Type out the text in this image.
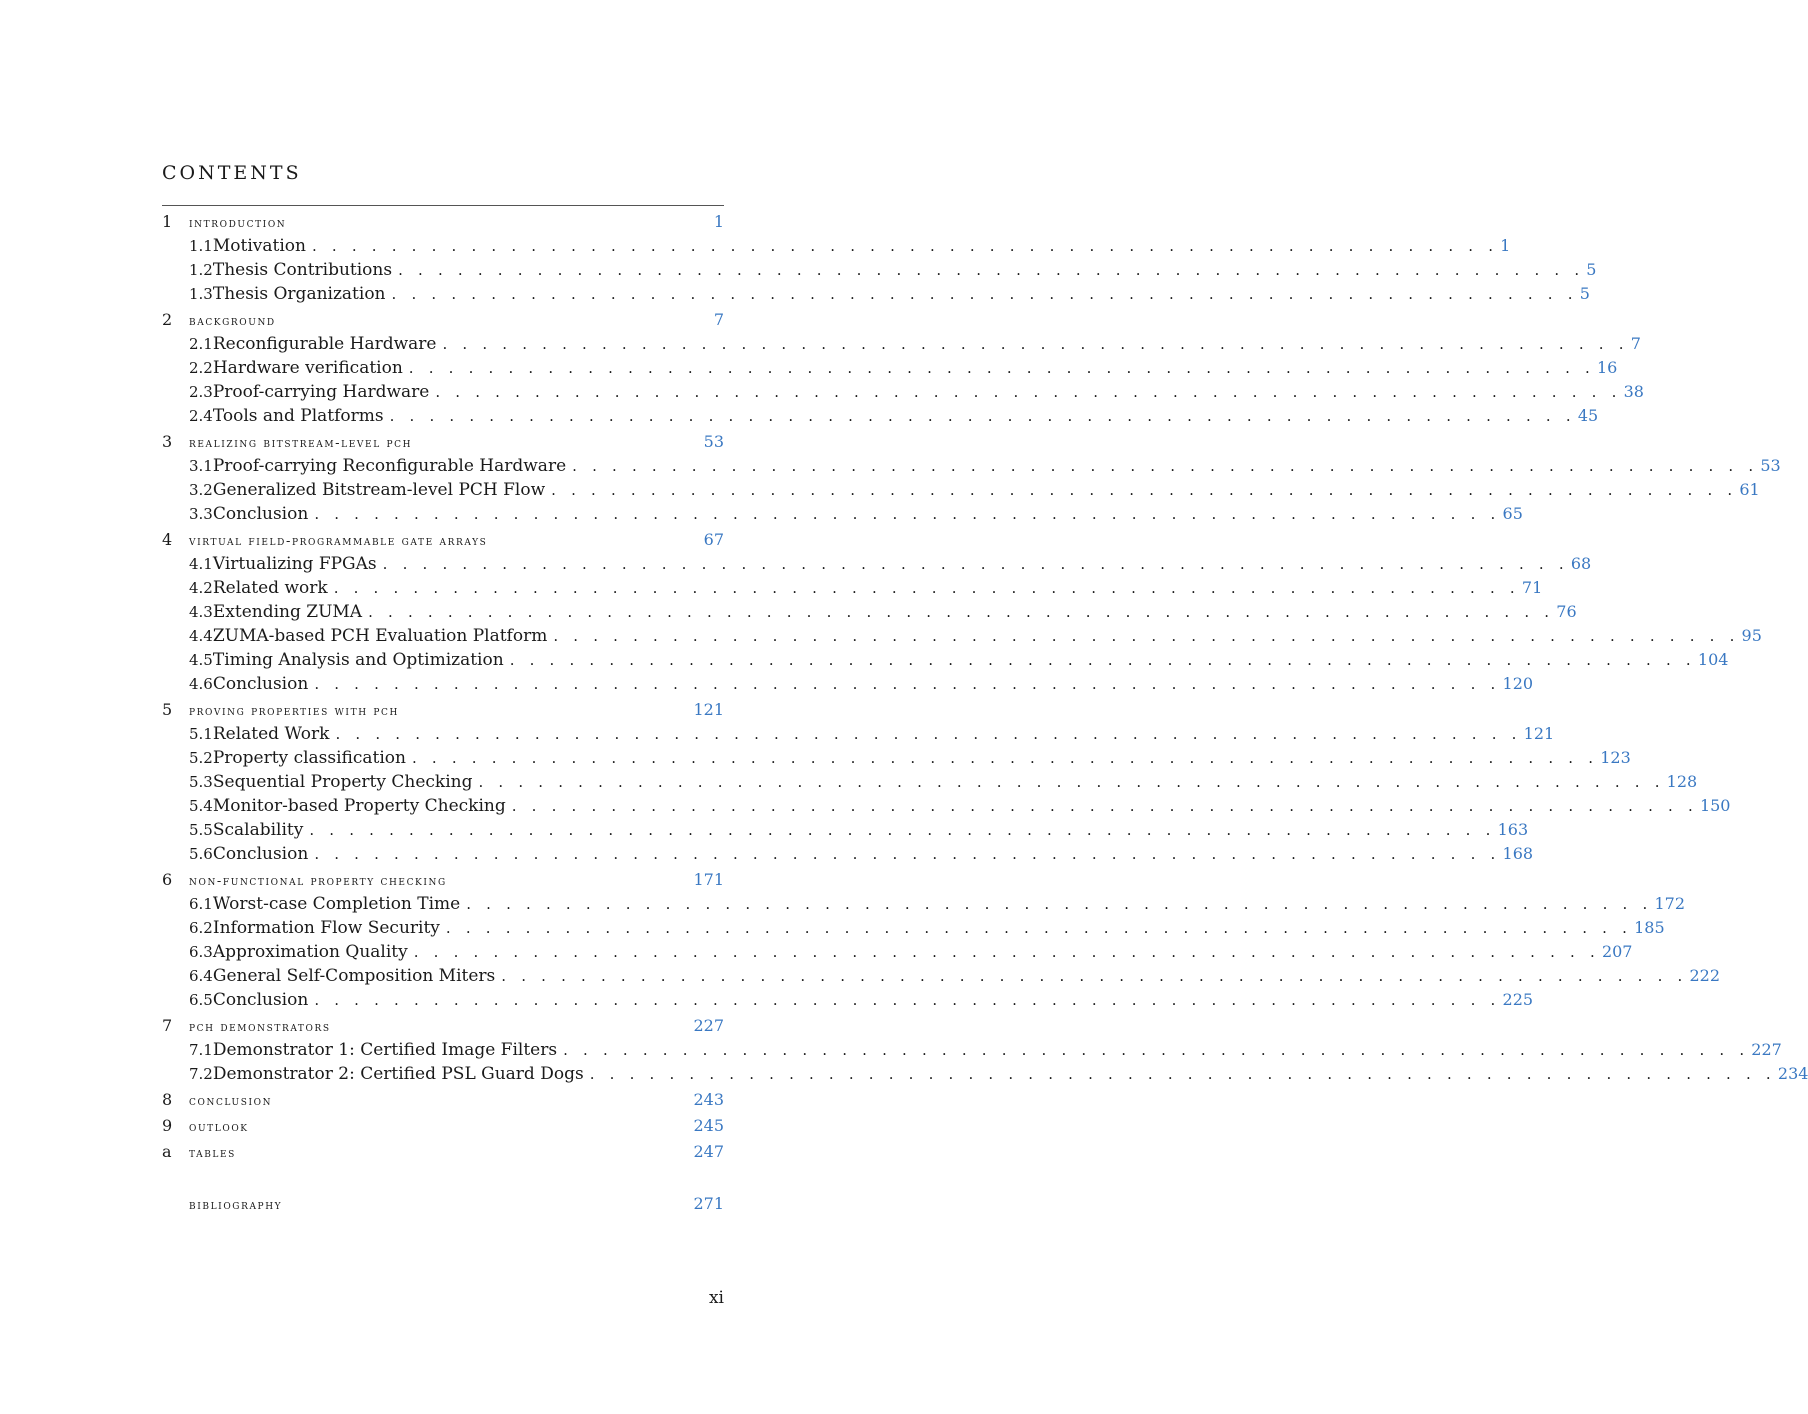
CONTENTS
1	introduction	1
1.1 Motivation . . . . . . . . . . . . . . . . . . . . . . . . . . . . . . . . . . . . . . . . . . . . . . . . . . . . . . . . . . . . 1
1.2 Thesis Contributions . . . . . . . . . . . . . . . . . . . . . . . . . . . . . . . . . . . . . . . . . . . . . . . . . . . . . . . . . . . . 5
1.3 Thesis Organization . . . . . . . . . . . . . . . . . . . . . . . . . . . . . . . . . . . . . . . . . . . . . . . . . . . . . . . . . . . . 5
2	background	7
2.1 Reconfigurable Hardware . . . . . . . . . . . . . . . . . . . . . . . . . . . . . . . . . . . . . . . . . . . . . . . . . . . . . . . . . . . . 7
2.2 Hardware verification . . . . . . . . . . . . . . . . . . . . . . . . . . . . . . . . . . . . . . . . . . . . . . . . . . . . . . . . . . . . 16
2.3 Proof-carrying Hardware . . . . . . . . . . . . . . . . . . . . . . . . . . . . . . . . . . . . . . . . . . . . . . . . . . . . . . . . . . . . 38
2.4 Tools and Platforms . . . . . . . . . . . . . . . . . . . . . . . . . . . . . . . . . . . . . . . . . . . . . . . . . . . . . . . . . . . . 45
3	realizing bitstream-level pch	53
3.1 Proof-carrying Reconfigurable Hardware . . . . . . . . . . . . . . . . . . . . . . . . . . . . . . . . . . . . . . . . . . . . . . . . . . . . . . . . . . . . 53
3.2 Generalized Bitstream-level PCH Flow . . . . . . . . . . . . . . . . . . . . . . . . . . . . . . . . . . . . . . . . . . . . . . . . . . . . . . . . . . . . 61
3.3 Conclusion . . . . . . . . . . . . . . . . . . . . . . . . . . . . . . . . . . . . . . . . . . . . . . . . . . . . . . . . . . . . 65
4	virtual field-programmable gate arrays	67
4.1 Virtualizing FPGAs . . . . . . . . . . . . . . . . . . . . . . . . . . . . . . . . . . . . . . . . . . . . . . . . . . . . . . . . . . . . 68
4.2 Related work . . . . . . . . . . . . . . . . . . . . . . . . . . . . . . . . . . . . . . . . . . . . . . . . . . . . . . . . . . . . 71
4.3 Extending ZUMA . . . . . . . . . . . . . . . . . . . . . . . . . . . . . . . . . . . . . . . . . . . . . . . . . . . . . . . . . . . . 76
4.4 ZUMA-based PCH Evaluation Platform . . . . . . . . . . . . . . . . . . . . . . . . . . . . . . . . . . . . . . . . . . . . . . . . . . . . . . . . . . . . 95
4.5 Timing Analysis and Optimization . . . . . . . . . . . . . . . . . . . . . . . . . . . . . . . . . . . . . . . . . . . . . . . . . . . . . . . . . . . . 104
4.6 Conclusion . . . . . . . . . . . . . . . . . . . . . . . . . . . . . . . . . . . . . . . . . . . . . . . . . . . . . . . . . . . . 120
5	proving properties with pch	121
5.1 Related Work . . . . . . . . . . . . . . . . . . . . . . . . . . . . . . . . . . . . . . . . . . . . . . . . . . . . . . . . . . . . 121
5.2 Property classification . . . . . . . . . . . . . . . . . . . . . . . . . . . . . . . . . . . . . . . . . . . . . . . . . . . . . . . . . . . . 123
5.3 Sequential Property Checking . . . . . . . . . . . . . . . . . . . . . . . . . . . . . . . . . . . . . . . . . . . . . . . . . . . . . . . . . . . . 128
5.4 Monitor-based Property Checking . . . . . . . . . . . . . . . . . . . . . . . . . . . . . . . . . . . . . . . . . . . . . . . . . . . . . . . . . . . . 150
5.5 Scalability . . . . . . . . . . . . . . . . . . . . . . . . . . . . . . . . . . . . . . . . . . . . . . . . . . . . . . . . . . . . 163
5.6 Conclusion . . . . . . . . . . . . . . . . . . . . . . . . . . . . . . . . . . . . . . . . . . . . . . . . . . . . . . . . . . . . 168
6	non-functional property checking	171
6.1 Worst-case Completion Time . . . . . . . . . . . . . . . . . . . . . . . . . . . . . . . . . . . . . . . . . . . . . . . . . . . . . . . . . . . . 172
6.2 Information Flow Security . . . . . . . . . . . . . . . . . . . . . . . . . . . . . . . . . . . . . . . . . . . . . . . . . . . . . . . . . . . . 185
6.3 Approximation Quality . . . . . . . . . . . . . . . . . . . . . . . . . . . . . . . . . . . . . . . . . . . . . . . . . . . . . . . . . . . . 207
6.4 General Self-Composition Miters . . . . . . . . . . . . . . . . . . . . . . . . . . . . . . . . . . . . . . . . . . . . . . . . . . . . . . . . . . . . 222
6.5 Conclusion . . . . . . . . . . . . . . . . . . . . . . . . . . . . . . . . . . . . . . . . . . . . . . . . . . . . . . . . . . . . 225
7	pch demonstrators	227
7.1 Demonstrator 1: Certified Image Filters . . . . . . . . . . . . . . . . . . . . . . . . . . . . . . . . . . . . . . . . . . . . . . . . . . . . . . . . . . . . 227
7.2 Demonstrator 2: Certified PSL Guard Dogs . . . . . . . . . . . . . . . . . . . . . . . . . . . . . . . . . . . . . . . . . . . . . . . . . . . . . . . . . . . . 234
8	conclusion	243
9	outlook	245
a	tables	247
bibliography	271
xi
